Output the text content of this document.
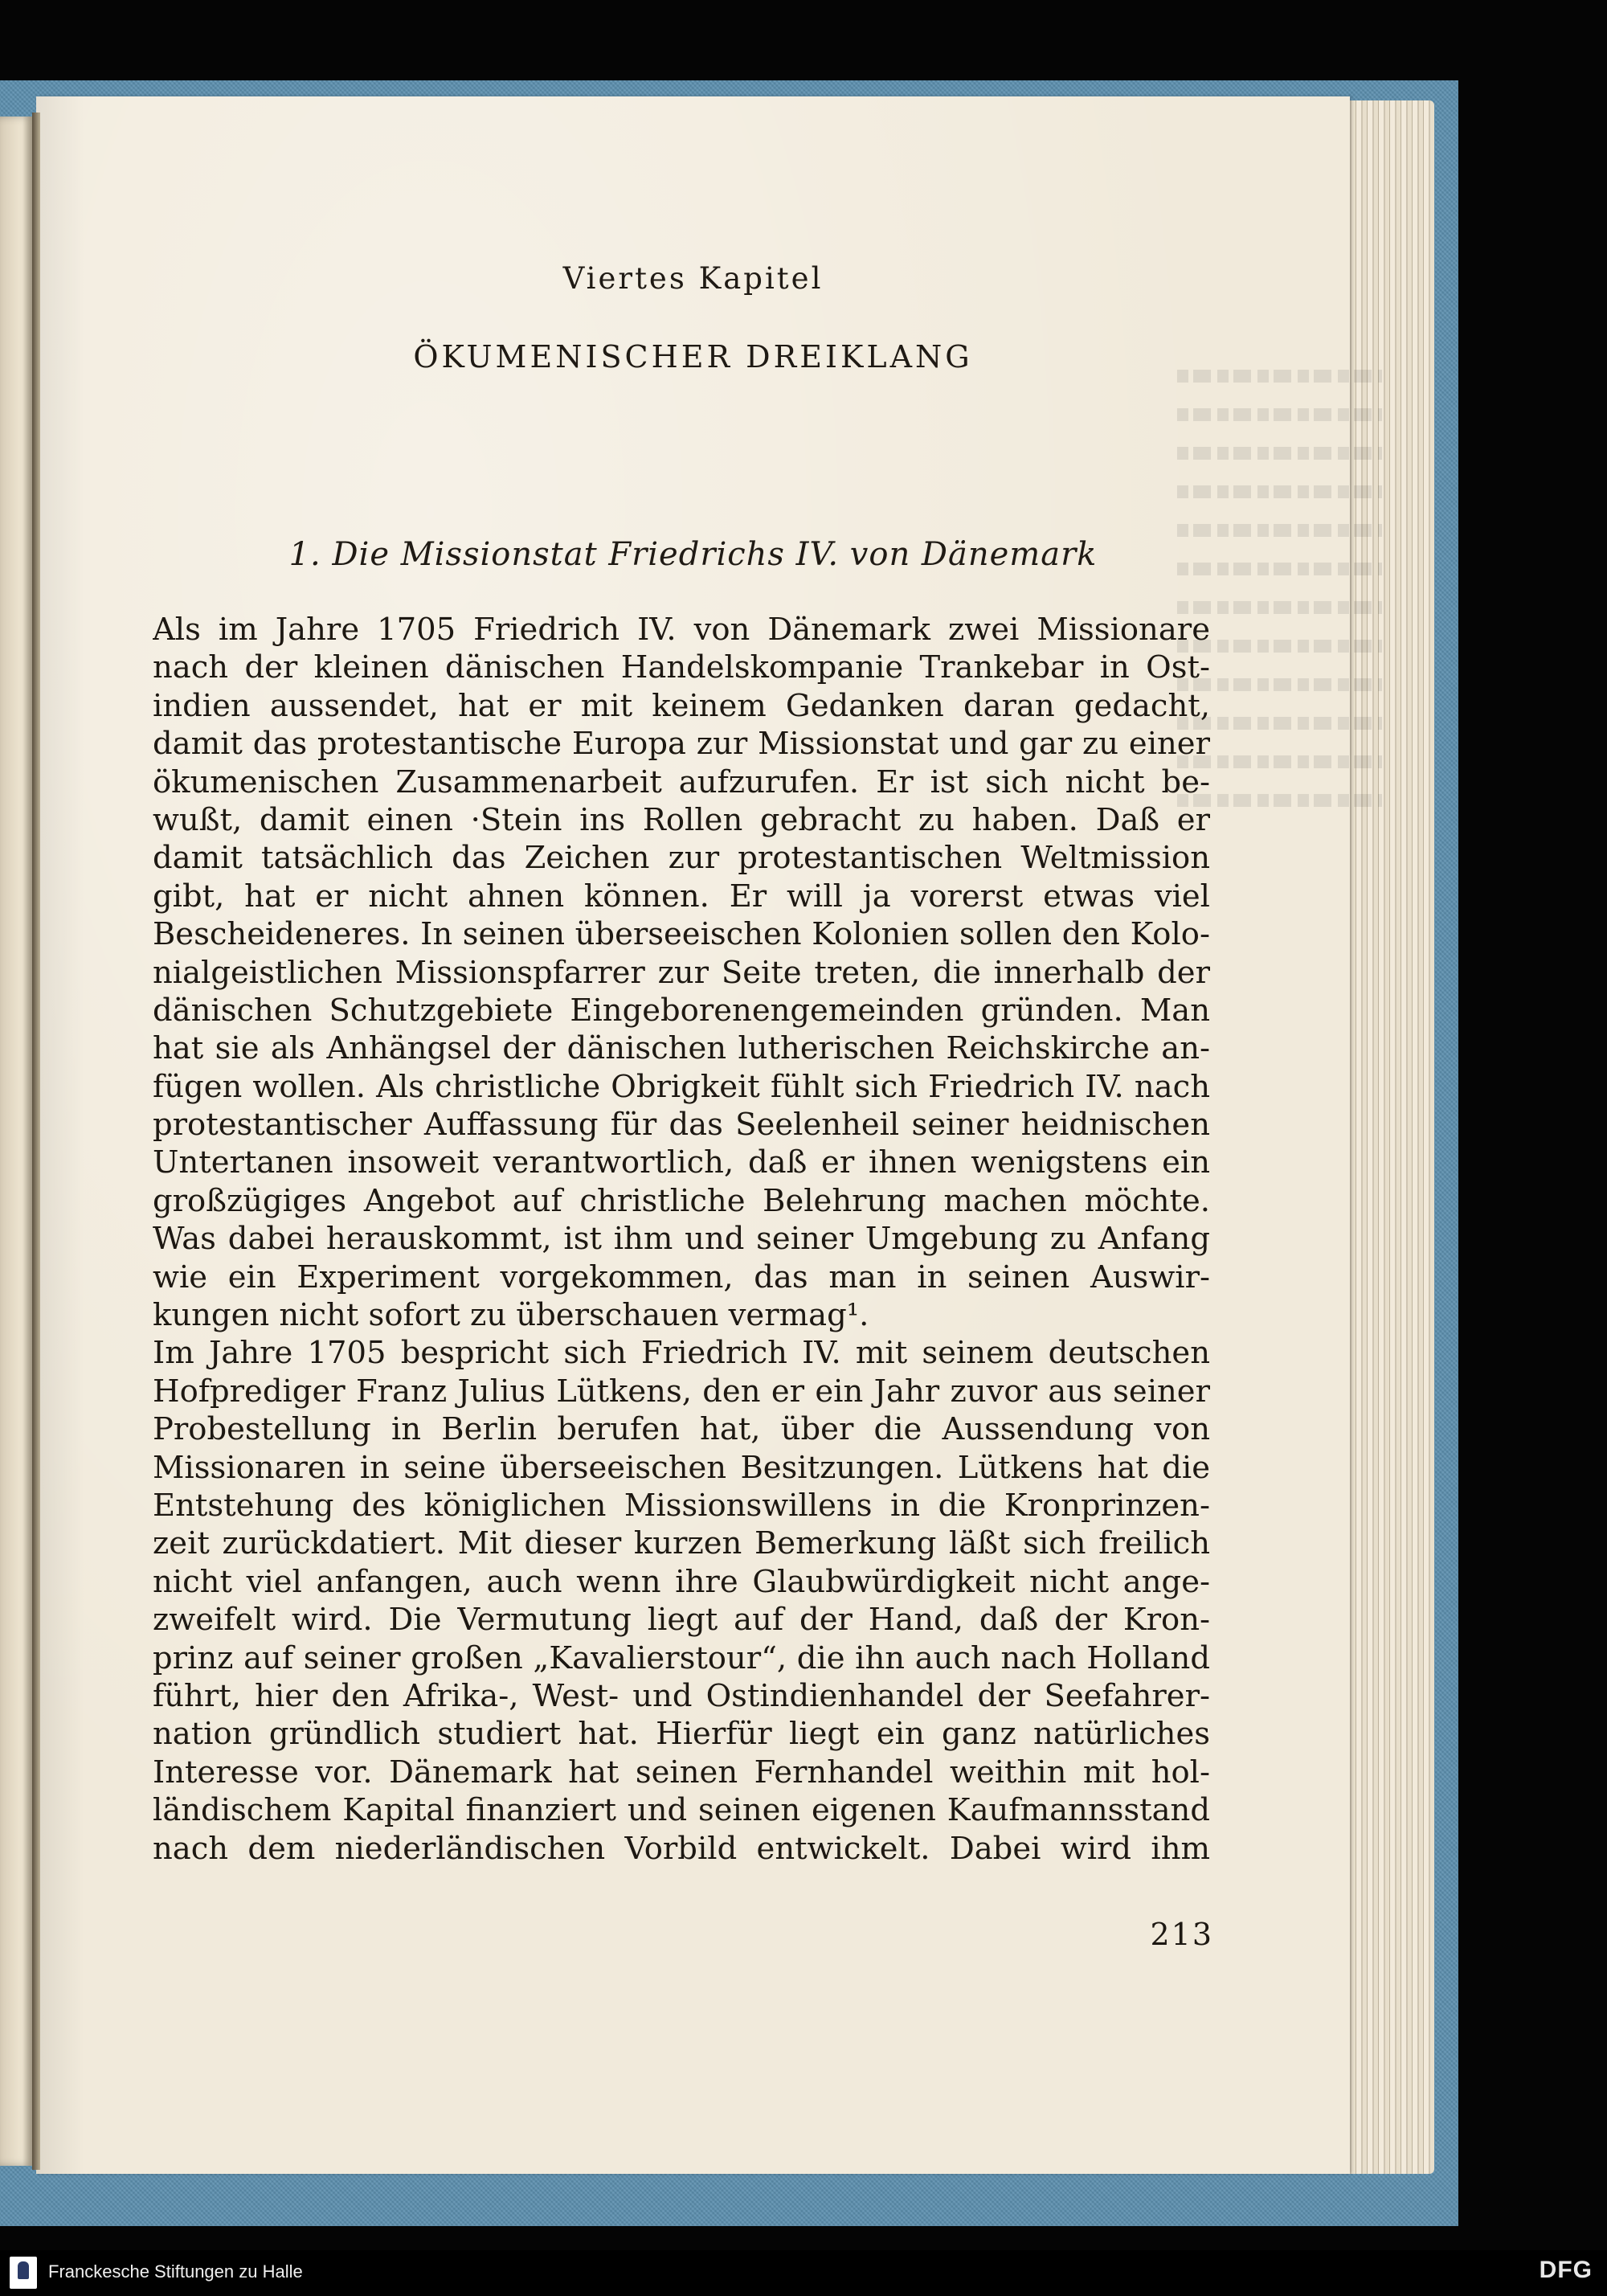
Viertes Kapitel
ÖKUMENISCHER DREIKLANG
1. Die Missionstat Friedrichs IV. von Dänemark
Als im Jahre 1705 Friedrich IV. von Dänemark zwei Missionare
nach der kleinen dänischen Handelskompanie Trankebar in Ost-
indien aussendet, hat er mit keinem Gedanken daran gedacht,
damit das protestantische Europa zur Missionstat und gar zu einer
ökumenischen Zusammenarbeit aufzurufen. Er ist sich nicht be-
wußt, damit einen ·Stein ins Rollen gebracht zu haben. Daß er
damit tatsächlich das Zeichen zur protestantischen Weltmission
gibt, hat er nicht ahnen können. Er will ja vorerst etwas viel
Bescheideneres. In seinen überseeischen Kolonien sollen den Kolo-
nialgeistlichen Missionspfarrer zur Seite treten, die innerhalb der
dänischen Schutzgebiete Eingeborenengemeinden gründen. Man
hat sie als Anhängsel der dänischen lutherischen Reichskirche an-
fügen wollen. Als christliche Obrigkeit fühlt sich Friedrich IV. nach
protestantischer Auffassung für das Seelenheil seiner heidnischen
Untertanen insoweit verantwortlich, daß er ihnen wenigstens ein
großzügiges Angebot auf christliche Belehrung machen möchte.
Was dabei herauskommt, ist ihm und seiner Umgebung zu Anfang
wie ein Experiment vorgekommen, das man in seinen Auswir-
kungen nicht sofort zu überschauen vermag¹.
Im Jahre 1705 bespricht sich Friedrich IV. mit seinem deutschen
Hofprediger Franz Julius Lütkens, den er ein Jahr zuvor aus seiner
Probestellung in Berlin berufen hat, über die Aussendung von
Missionaren in seine überseeischen Besitzungen. Lütkens hat die
Entstehung des königlichen Missionswillens in die Kronprinzen-
zeit zurückdatiert. Mit dieser kurzen Bemerkung läßt sich freilich
nicht viel anfangen, auch wenn ihre Glaubwürdigkeit nicht ange-
zweifelt wird. Die Vermutung liegt auf der Hand, daß der Kron-
prinz auf seiner großen „Kavalierstour“, die ihn auch nach Holland
führt, hier den Afrika-, West- und Ostindienhandel der Seefahrer-
nation gründlich studiert hat. Hierfür liegt ein ganz natürliches
Interesse vor. Dänemark hat seinen Fernhandel weithin mit hol-
ländischem Kapital finanziert und seinen eigenen Kaufmannsstand
nach dem niederländischen Vorbild entwickelt. Dabei wird ihm
213
Franckesche Stiftungen zu Halle	DFG
